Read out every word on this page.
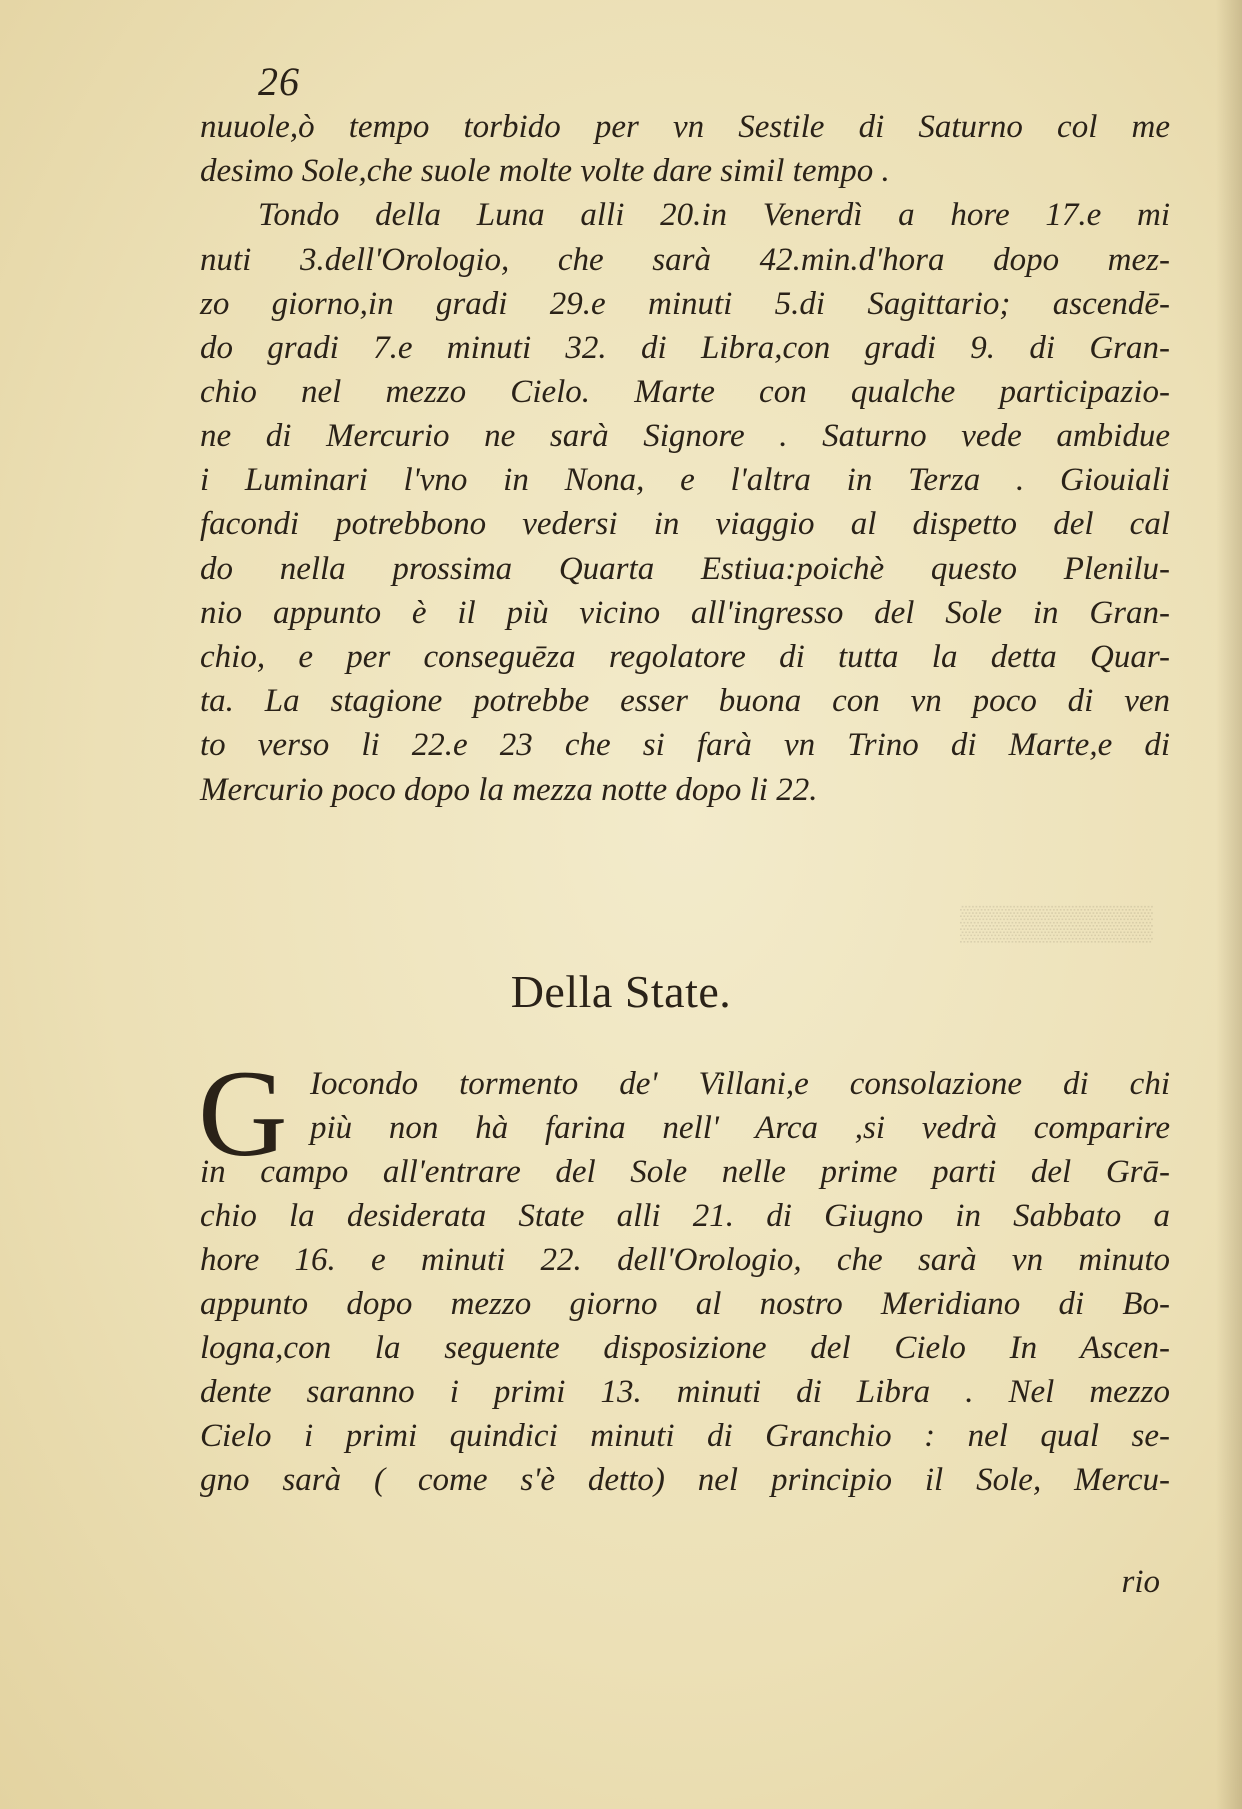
26
nuuole,ò tempo torbido per vn Sestile di Saturno col me
desimo Sole,che suole molte volte dare simil tempo .
Tondo della Luna alli 20.in Venerdì a hore 17.e mi
nuti 3.dell'Orologio, che sarà 42.min.d'hora dopo mez-
zo giorno,in gradi 29.e minuti 5.di Sagittario; ascendē-
do gradi 7.e minuti 32. di Libra,con gradi 9. di Gran-
chio nel mezzo Cielo. Marte con qualche participazio-
ne di Mercurio ne sarà Signore . Saturno vede ambidue
i Luminari l'vno in Nona, e l'altra in Terza . Giouiali
facondi potrebbono vedersi in viaggio al dispetto del cal
do nella prossima Quarta Estiua:poichè questo Plenilu-
nio appunto è il più vicino all'ingresso del Sole in Gran-
chio, e per conseguēza regolatore di tutta la detta Quar-
ta. La stagione potrebbe esser buona con vn poco di ven
to verso li 22.e 23 che si farà vn Trino di Marte,e di
Mercurio poco dopo la mezza notte dopo li 22.
▒▒▒▒▒▒▒▒
Della State.
G Iocondo tormento de' Villani,e consolazione di chi
più non hà farina nell' Arca ,si vedrà comparire
in campo all'entrare del Sole nelle prime parti del Grā-
chio la desiderata State alli 21. di Giugno in Sabbato a
hore 16. e minuti 22. dell'Orologio, che sarà vn minuto
appunto dopo mezzo giorno al nostro Meridiano di Bo-
logna,con la seguente disposizione del Cielo In Ascen-
dente saranno i primi 13. minuti di Libra . Nel mezzo
Cielo i primi quindici minuti di Granchio : nel qual se-
gno sarà ( come s'è detto) nel principio il Sole, Mercu-
rio
